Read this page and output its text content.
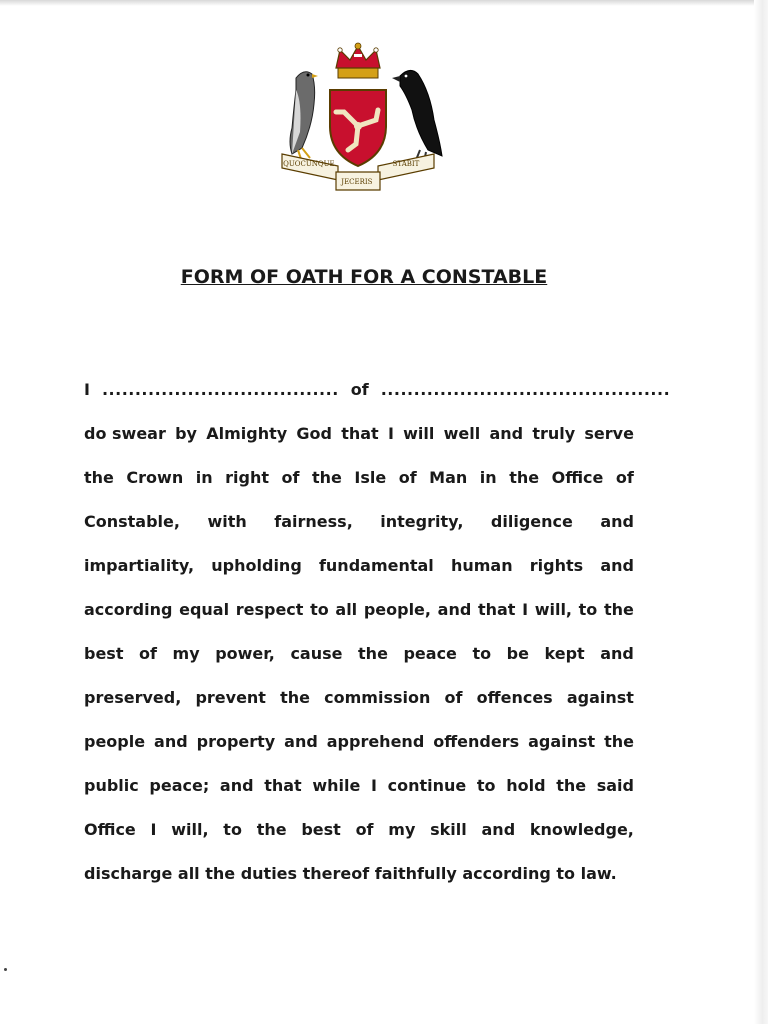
QUOCUNQUE JECERIS STABIT
FORM OF OATH FOR A CONSTABLE
I .................................... of ............................................
do swear by Almighty God that I will well and truly serve
the Crown in right of the Isle of Man in the Office of
Constable, with fairness, integrity, diligence and
impartiality, upholding fundamental human rights and
according equal respect to all people, and that I will, to the
best of my power, cause the peace to be kept and
preserved, prevent the commission of offences against
people and property and apprehend offenders against the
public peace; and that while I continue to hold the said
Office I will, to the best of my skill and knowledge,
discharge all the duties thereof faithfully according to law.
